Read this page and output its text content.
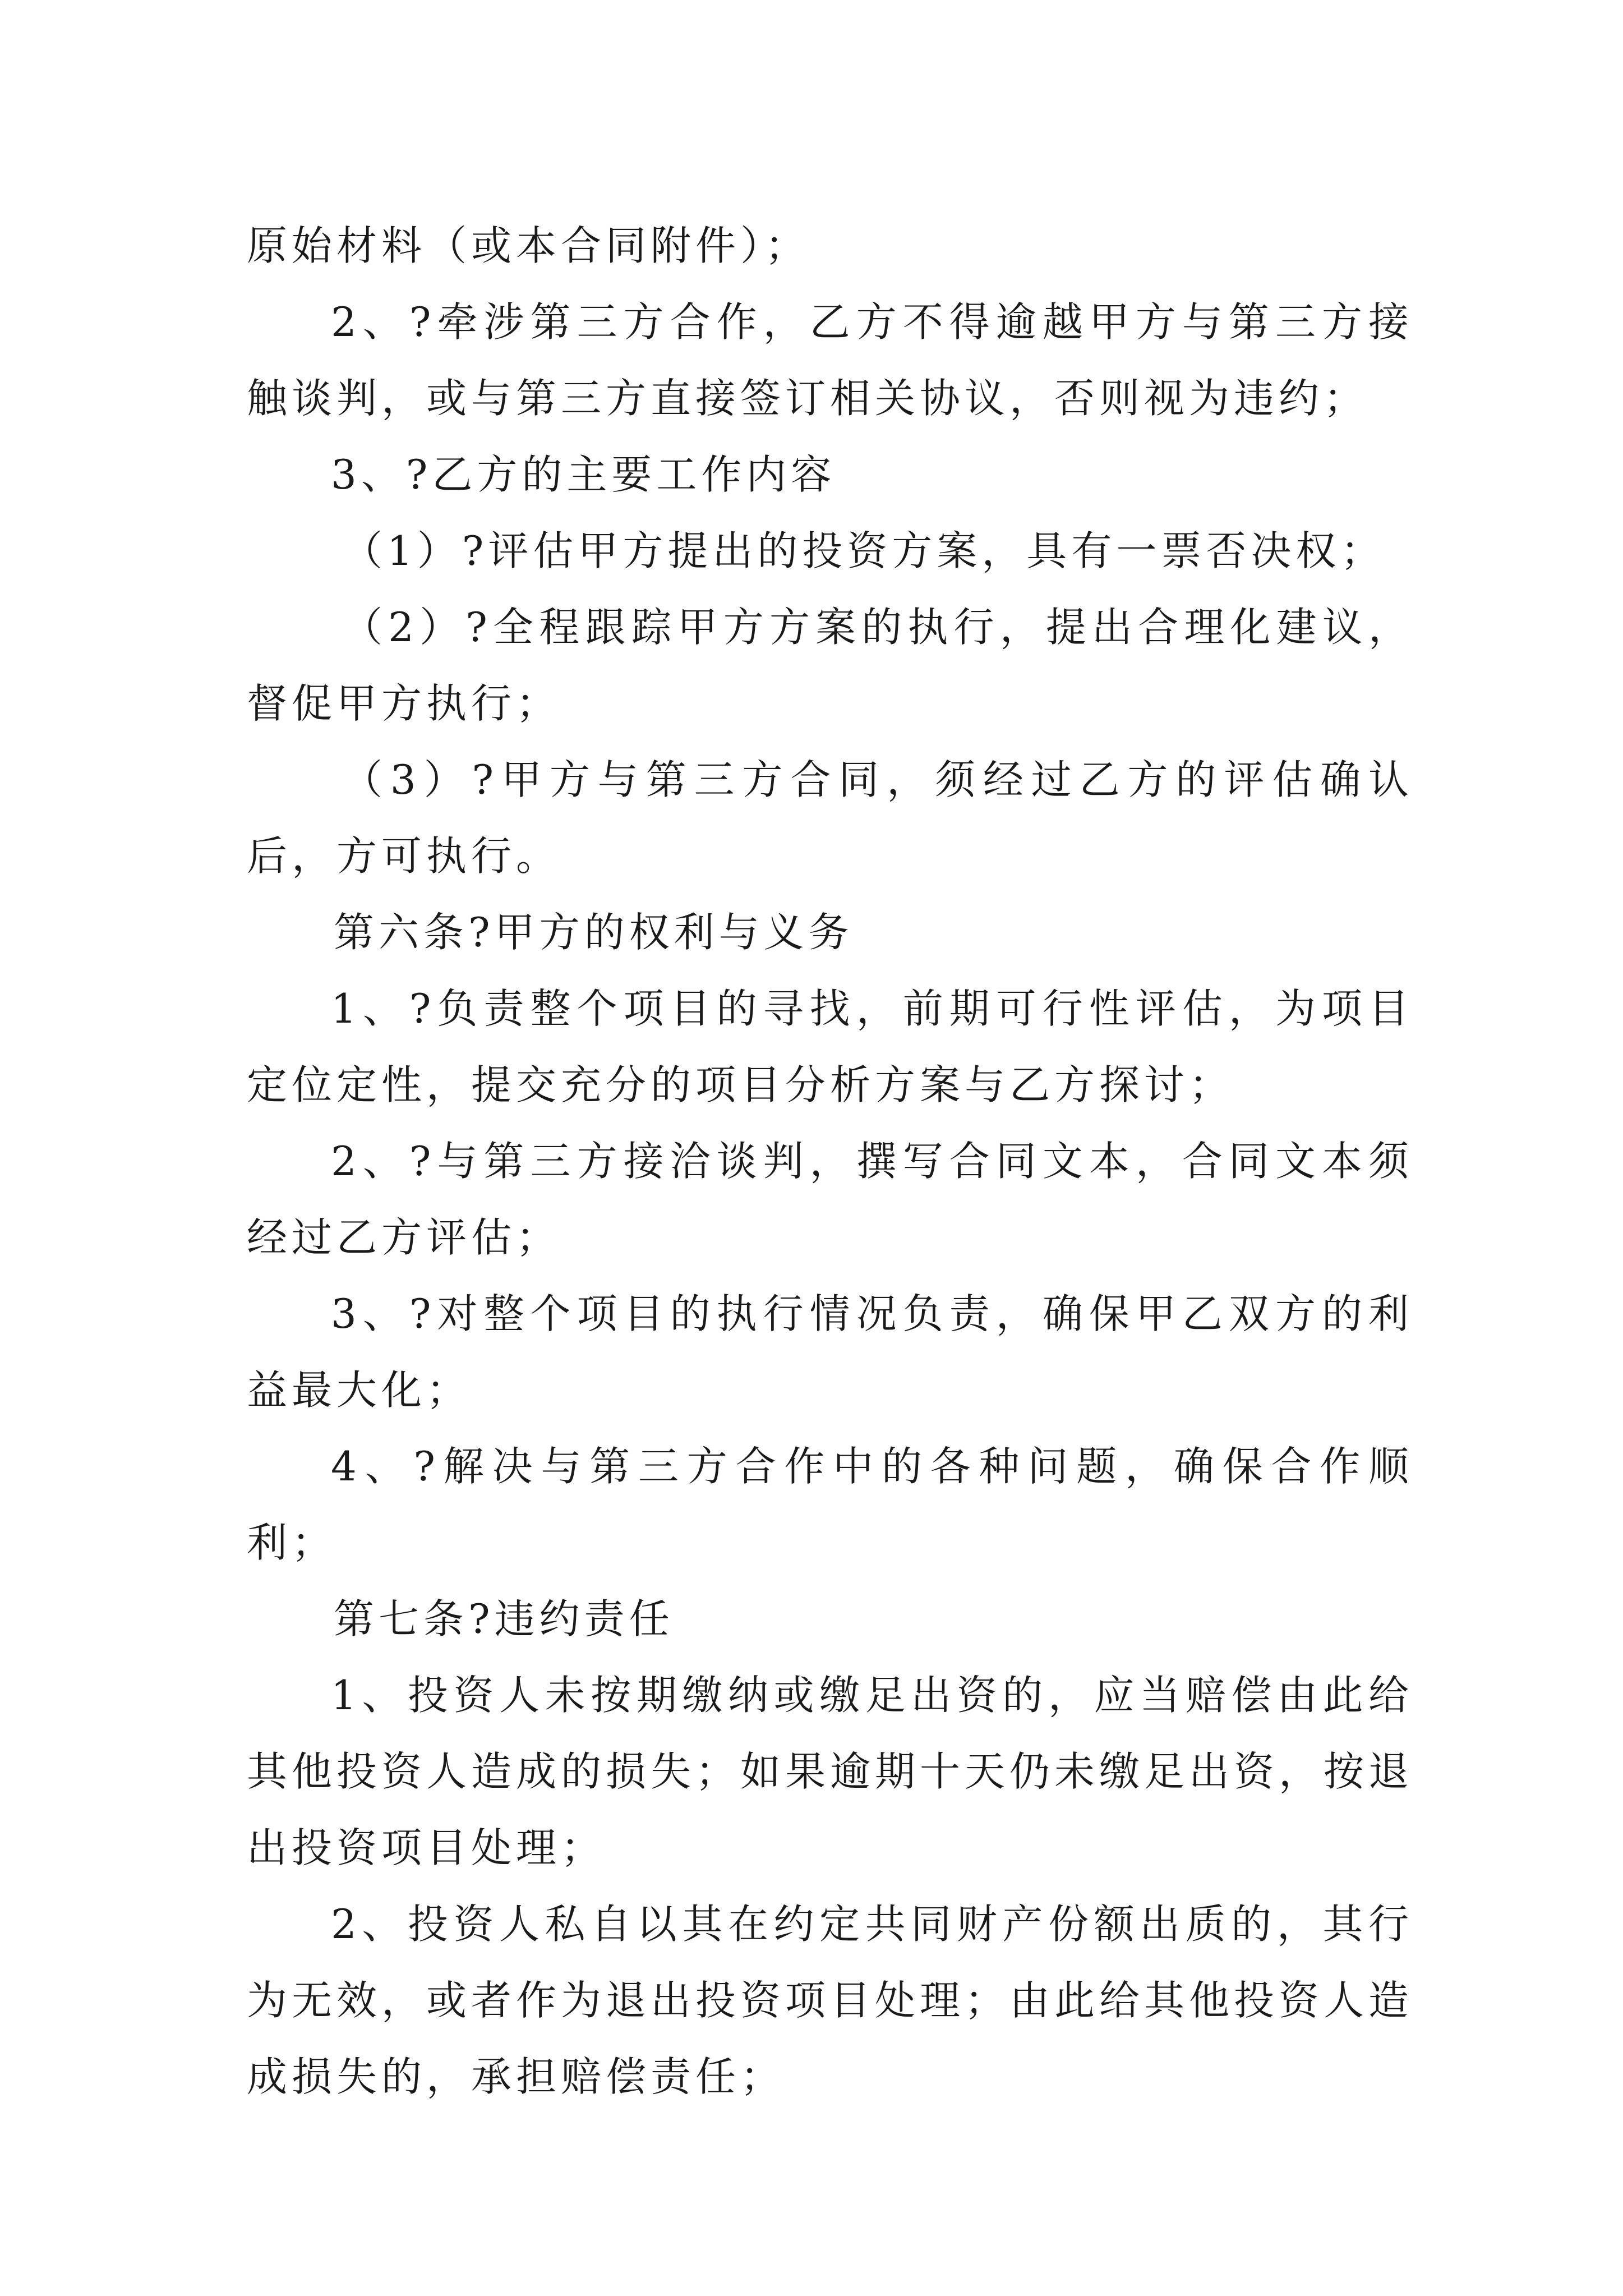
原始材料（或本合同附件）；

2、?牵涉第三方合作，乙方不得逾越甲方与第三方接触谈判，或与第三方直接签订相关协议，否则视为违约；

3、?乙方的主要工作内容

（1）?评估甲方提出的投资方案，具有一票否决权；

（2）?全程跟踪甲方方案的执行，提出合理化建议，督促甲方执行；

（3）?甲方与第三方合同，须经过乙方的评估确认后，方可执行。

第六条?甲方的权利与义务

1、?负责整个项目的寻找，前期可行性评估，为项目定位定性，提交充分的项目分析方案与乙方探讨；

2、?与第三方接洽谈判，撰写合同文本，合同文本须经过乙方评估；

3、?对整个项目的执行情况负责，确保甲乙双方的利益最大化；

4、?解决与第三方合作中的各种问题，确保合作顺利；

第七条?违约责任

1、投资人未按期缴纳或缴足出资的，应当赔偿由此给其他投资人造成的损失；如果逾期十天仍未缴足出资，按退出投资项目处理；

2、投资人私自以其在约定共同财产份额出质的，其行为无效，或者作为退出投资项目处理；由此给其他投资人造成损失的，承担赔偿责任；
